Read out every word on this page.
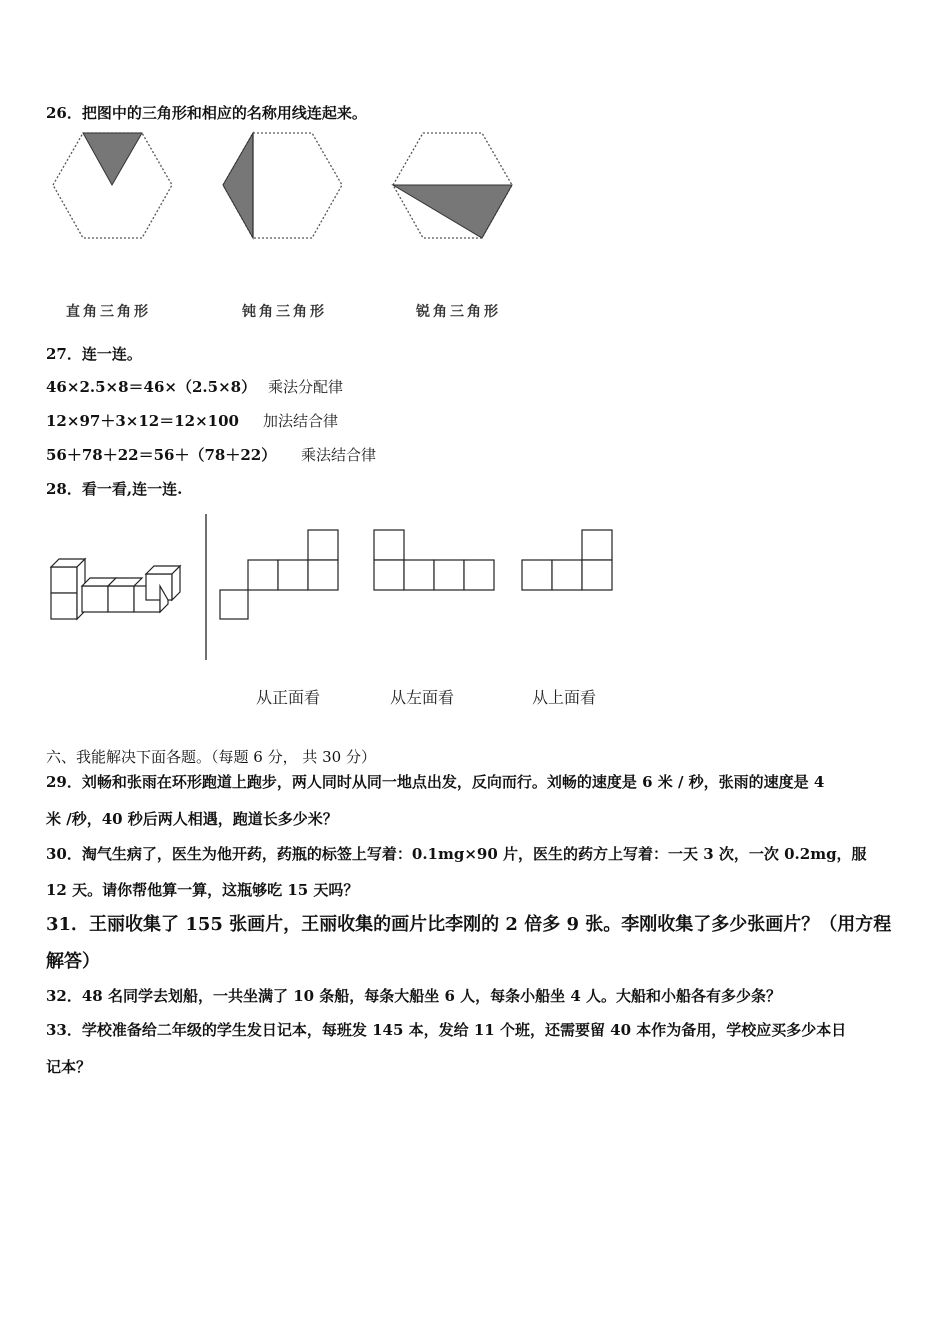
26．把图中的三角形和相应的名称用线连起来。
直角三角形	钝角三角形	锐角三角形
27．连一连。
46×2.5×8＝46×（2.5×8） 乘法分配律
12×97＋3×12＝12×100 加法结合律
56＋78＋22＝56＋（78＋22） 乘法结合律
28．看一看,连一连.
从正面看	从左面看	从上面看
六、我能解决下面各题。（每题 6 分， 共 30 分）
29．刘畅和张雨在环形跑道上跑步，两人同时从同一地点出发，反向而行。刘畅的速度是 6 米 / 秒，张雨的速度是 4
米 /秒，40 秒后两人相遇，跑道长多少米？
30．淘气生病了，医生为他开药，药瓶的标签上写着：0.1mg×90 片，医生的药方上写着：一天 3 次，一次 0.2mg，服
12 天。请你帮他算一算，这瓶够吃 15 天吗？
31．王丽收集了 155 张画片，王丽收集的画片比李刚的 2 倍多 9 张。李刚收集了多少张画片？（用方程
解答）
32．48 名同学去划船，一共坐满了 10 条船，每条大船坐 6 人，每条小船坐 4 人。大船和小船各有多少条？
33．学校准备给二年级的学生发日记本，每班发 145 本，发给 11 个班，还需要留 40 本作为备用，学校应买多少本日
记本？
